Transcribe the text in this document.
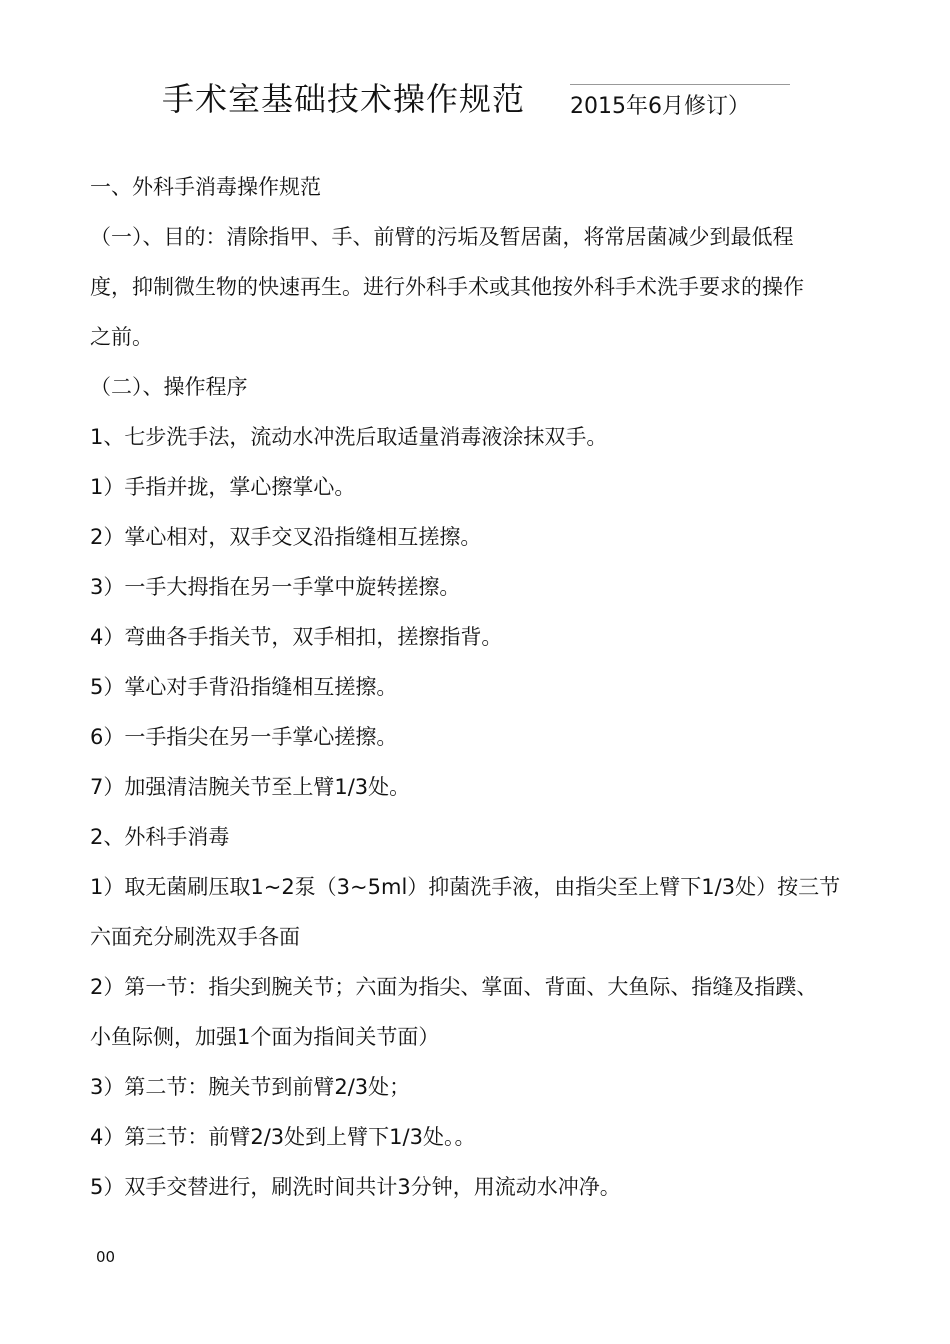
手术室基础技术操作规范 2015年6月修订）
一、外科手消毒操作规范
（一）、目的：清除指甲、手、前臂的污垢及暂居菌，将常居菌减少到最低程
度，抑制微生物的快速再生。进行外科手术或其他按外科手术洗手要求的操作
之前。
（二）、操作程序
1、七步洗手法，流动水冲洗后取适量消毒液涂抹双手。
1）手指并拢，掌心擦掌心。
2）掌心相对，双手交叉沿指缝相互搓擦。
3）一手大拇指在另一手掌中旋转搓擦。
4）弯曲各手指关节，双手相扣，搓擦指背。
5）掌心对手背沿指缝相互搓擦。
6）一手指尖在另一手掌心搓擦。
7）加强清洁腕关节至上臂1/3处。
2、外科手消毒
1）取无菌刷压取1~2泵（3~5ml）抑菌洗手液，由指尖至上臂下1/3处）按三节
六面充分刷洗双手各面
2）第一节：指尖到腕关节；六面为指尖、掌面、背面、大鱼际、指缝及指蹼、
小鱼际侧，加强1个面为指间关节面）
3）第二节：腕关节到前臂2/3处；
4）第三节：前臂2/3处到上臂下1/3处。。
5）双手交替进行，刷洗时间共计3分钟，用流动水冲净。
00
